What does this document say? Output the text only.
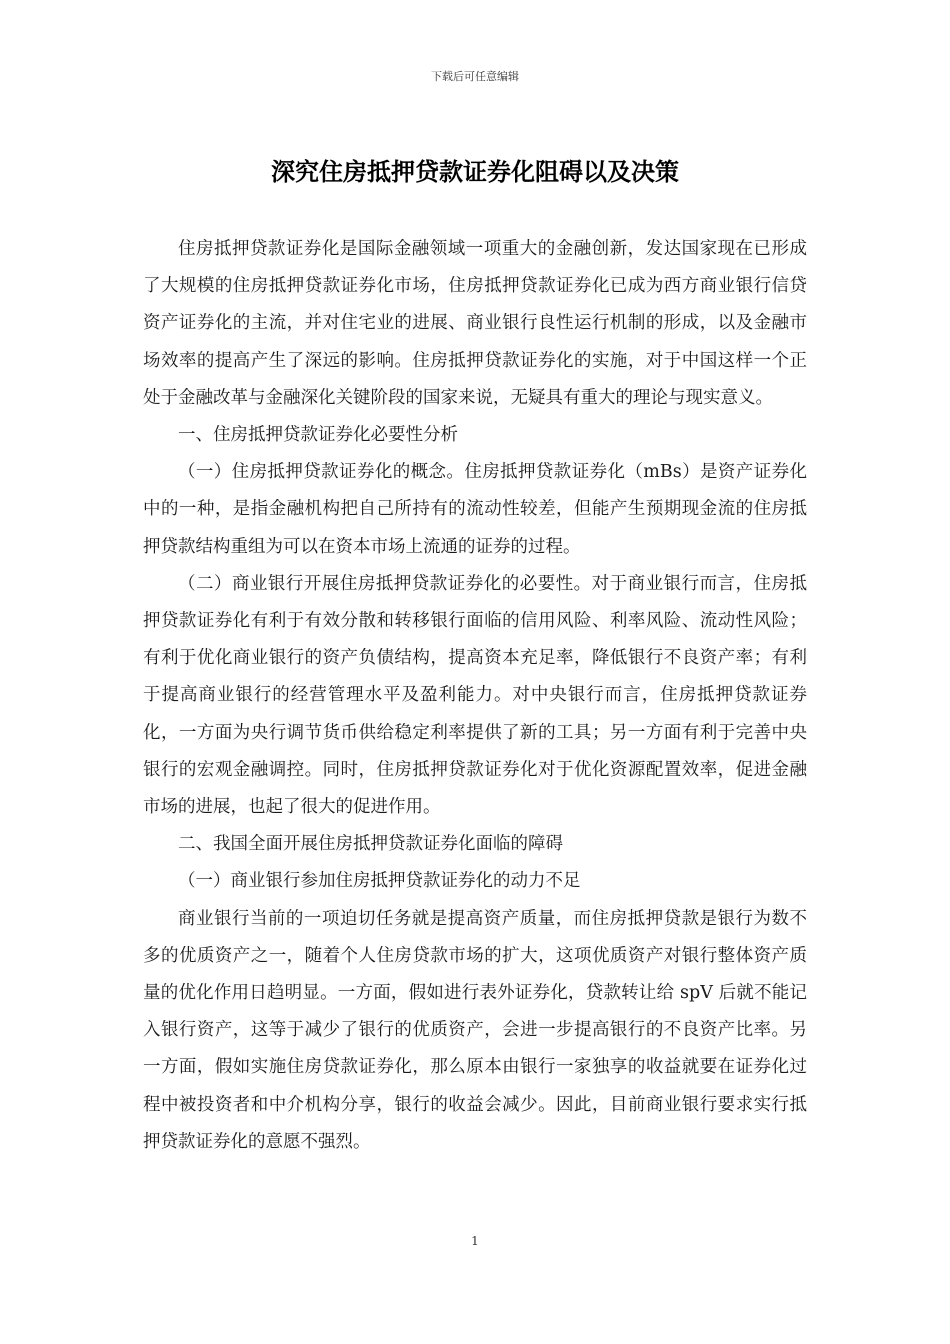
下载后可任意编辑
深究住房抵押贷款证券化阻碍以及决策

住房抵押贷款证券化是国际金融领域一项重大的金融创新，发达国家现在已形成了大规模的住房抵押贷款证券化市场，住房抵押贷款证券化已成为西方商业银行信贷资产证券化的主流，并对住宅业的进展、商业银行良性运行机制的形成，以及金融市场效率的提高产生了深远的影响。住房抵押贷款证券化的实施，对于中国这样一个正处于金融改革与金融深化关键阶段的国家来说，无疑具有重大的理论与现实意义。

一、住房抵押贷款证券化必要性分析

（一）住房抵押贷款证券化的概念。住房抵押贷款证券化（mBs）是资产证券化中的一种，是指金融机构把自己所持有的流动性较差，但能产生预期现金流的住房抵押贷款结构重组为可以在资本市场上流通的证券的过程。

（二）商业银行开展住房抵押贷款证券化的必要性。对于商业银行而言，住房抵押贷款证券化有利于有效分散和转移银行面临的信用风险、利率风险、流动性风险；有利于优化商业银行的资产负债结构，提高资本充足率，降低银行不良资产率；有利于提高商业银行的经营管理水平及盈利能力。对中央银行而言，住房抵押贷款证券化，一方面为央行调节货币供给稳定利率提供了新的工具；另一方面有利于完善中央银行的宏观金融调控。同时，住房抵押贷款证券化对于优化资源配置效率，促进金融市场的进展，也起了很大的促进作用。

二、我国全面开展住房抵押贷款证券化面临的障碍

（一）商业银行参加住房抵押贷款证券化的动力不足

商业银行当前的一项迫切任务就是提高资产质量，而住房抵押贷款是银行为数不多的优质资产之一，随着个人住房贷款市场的扩大，这项优质资产对银行整体资产质量的优化作用日趋明显。一方面，假如进行表外证券化，贷款转让给 spV 后就不能记入银行资产，这等于减少了银行的优质资产，会进一步提高银行的不良资产比率。另一方面，假如实施住房贷款证券化，那么原本由银行一家独享的收益就要在证券化过程中被投资者和中介机构分享，银行的收益会减少。因此，目前商业银行要求实行抵押贷款证券化的意愿不强烈。

1
